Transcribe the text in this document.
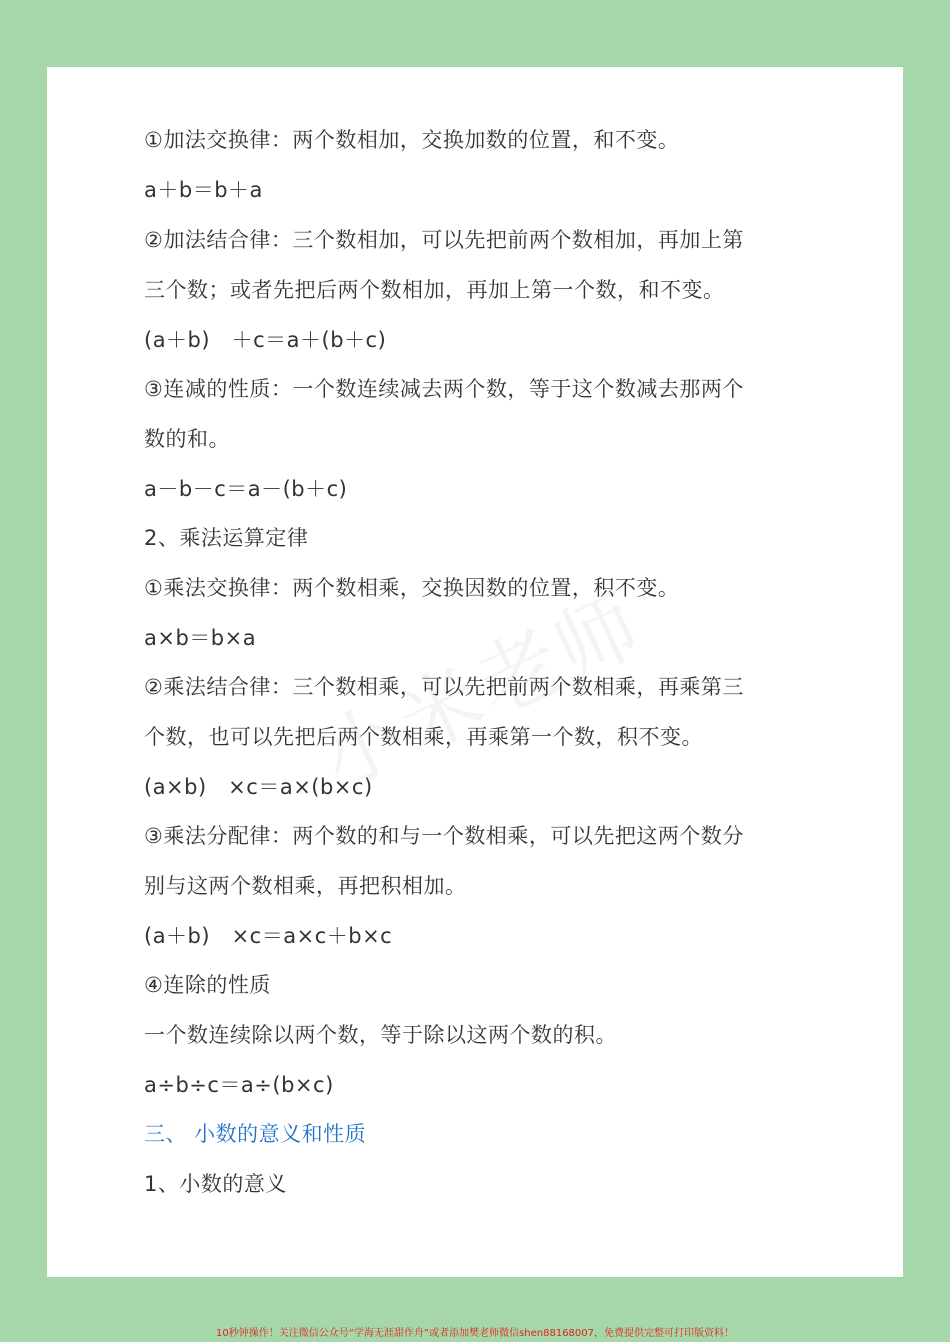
①加法交换律：两个数相加，交换加数的位置，和不变。
a＋b＝b＋a
②加法结合律：三个数相加，可以先把前两个数相加，再加上第
三个数；或者先把后两个数相加，再加上第一个数，和不变。
(a＋b)　＋c＝a＋(b＋c)
③连减的性质：一个数连续减去两个数，等于这个数减去那两个
数的和。
a－b－c＝a－(b＋c)
2、乘法运算定律
①乘法交换律：两个数相乘，交换因数的位置，积不变。
a×b＝b×a
②乘法结合律：三个数相乘，可以先把前两个数相乘，再乘第三
个数，也可以先把后两个数相乘，再乘第一个数，积不变。
(a×b)　×c＝a×(b×c)
③乘法分配律：两个数的和与一个数相乘，可以先把这两个数分
别与这两个数相乘，再把积相加。
(a＋b)　×c＝a×c＋b×c
④连除的性质
一个数连续除以两个数，等于除以这两个数的积。
a÷b÷c＝a÷(b×c)
三、 小数的意义和性质
1、小数的意义
10秒钟操作！关注微信公众号“学海无涯甜作舟”或者添加樊老师微信shen88168007，免费提供完整可打印版资料！
